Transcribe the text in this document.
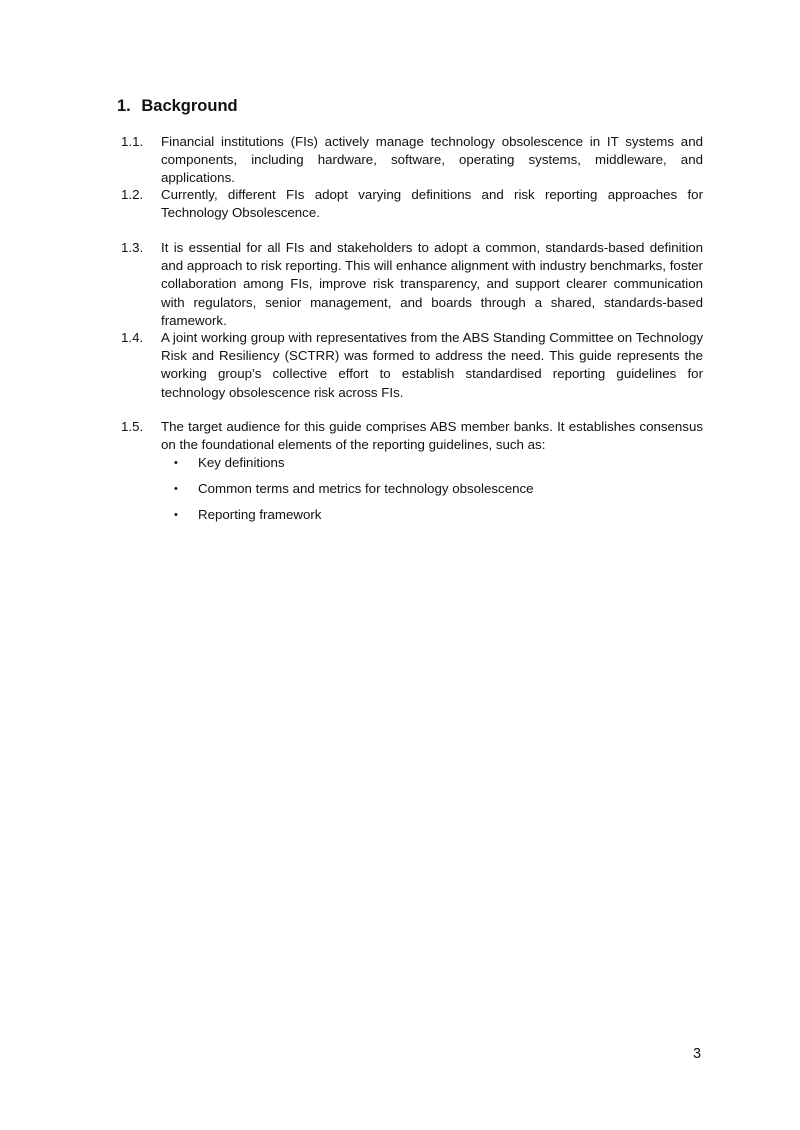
1. Background
1.1. Financial institutions (FIs) actively manage technology obsolescence in IT systems and components, including hardware, software, operating systems, middleware, and applications.
1.2. Currently, different FIs adopt varying definitions and risk reporting approaches for Technology Obsolescence.
1.3. It is essential for all FIs and stakeholders to adopt a common, standards-based definition and approach to risk reporting. This will enhance alignment with industry benchmarks, foster collaboration among FIs, improve risk transparency, and support clearer communication with regulators, senior management, and boards through a shared, standards-based framework.
1.4. A joint working group with representatives from the ABS Standing Committee on Technology Risk and Resiliency (SCTRR) was formed to address the need. This guide represents the working group’s collective effort to establish standardised reporting guidelines for technology obsolescence risk across FIs.
1.5. The target audience for this guide comprises ABS member banks. It establishes consensus on the foundational elements of the reporting guidelines, such as:
• Key definitions
• Common terms and metrics for technology obsolescence
• Reporting framework
3
